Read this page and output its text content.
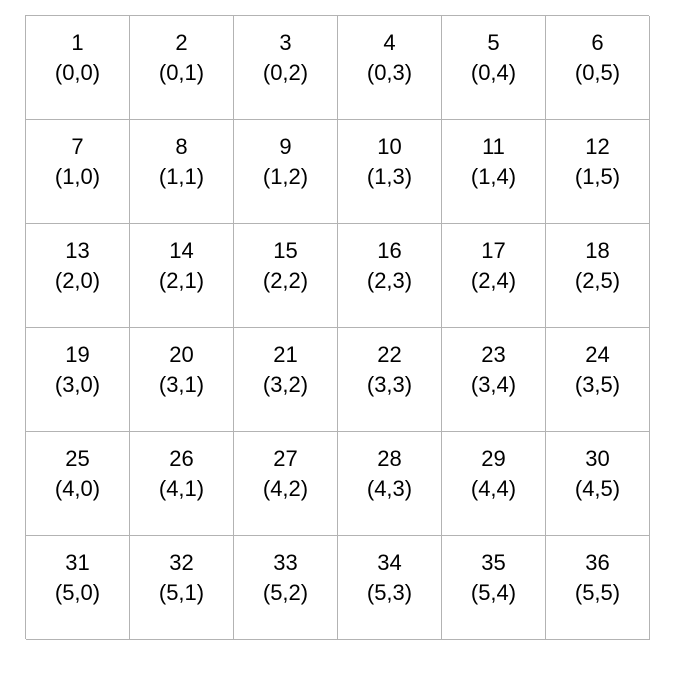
1
(0,0)
2
(0,1)
3
(0,2)
4
(0,3)
5
(0,4)
6
(0,5)
7
(1,0)
8
(1,1)
9
(1,2)
10
(1,3)
11
(1,4)
12
(1,5)
13
(2,0)
14
(2,1)
15
(2,2)
16
(2,3)
17
(2,4)
18
(2,5)
19
(3,0)
20
(3,1)
21
(3,2)
22
(3,3)
23
(3,4)
24
(3,5)
25
(4,0)
26
(4,1)
27
(4,2)
28
(4,3)
29
(4,4)
30
(4,5)
31
(5,0)
32
(5,1)
33
(5,2)
34
(5,3)
35
(5,4)
36
(5,5)
